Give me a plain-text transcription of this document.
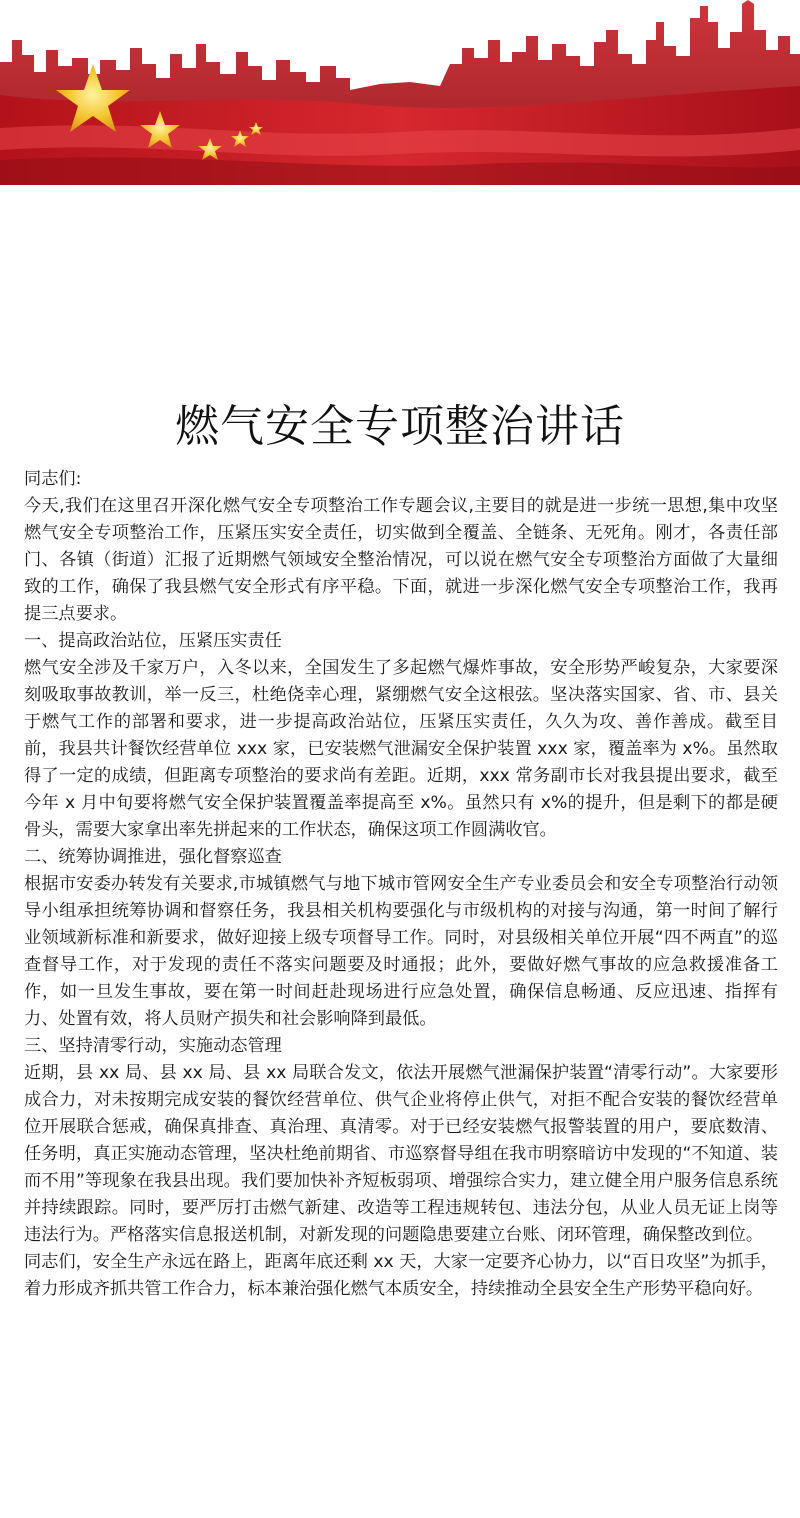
燃气安全专项整治讲话

同志们:

今天,我们在这里召开深化燃气安全专项整治工作专题会议,主要目的就是进一步统一思想,集中攻坚燃气安全专项整治工作，压紧压实安全责任，切实做到全覆盖、全链条、无死角。刚才，各责任部门、各镇（街道）汇报了近期燃气领域安全整治情况，可以说在燃气安全专项整治方面做了大量细致的工作，确保了我县燃气安全形式有序平稳。下面，就进一步深化燃气安全专项整治工作，我再提三点要求。

一、提高政治站位，压紧压实责任

燃气安全涉及千家万户，入冬以来，全国发生了多起燃气爆炸事故，安全形势严峻复杂，大家要深刻吸取事故教训，举一反三，杜绝侥幸心理，紧绷燃气安全这根弦。坚决落实国家、省、市、县关于燃气工作的部署和要求，进一步提高政治站位，压紧压实责任，久久为攻、善作善成。截至目前，我县共计餐饮经营单位 xxx 家，已安装燃气泄漏安全保护装置 xxx 家，覆盖率为 x%。虽然取得了一定的成绩，但距离专项整治的要求尚有差距。近期，xxx 常务副市长对我县提出要求，截至今年 x 月中旬要将燃气安全保护装置覆盖率提高至 x%。虽然只有 x%的提升，但是剩下的都是硬骨头，需要大家拿出率先拼起来的工作状态，确保这项工作圆满收官。

二、统筹协调推进，强化督察巡查

根据市安委办转发有关要求,市城镇燃气与地下城市管网安全生产专业委员会和安全专项整治行动领导小组承担统筹协调和督察任务，我县相关机构要强化与市级机构的对接与沟通，第一时间了解行业领域新标准和新要求，做好迎接上级专项督导工作。同时，对县级相关单位开展“四不两直”的巡查督导工作，对于发现的责任不落实问题要及时通报；此外，要做好燃气事故的应急救援准备工作，如一旦发生事故，要在第一时间赶赴现场进行应急处置，确保信息畅通、反应迅速、指挥有力、处置有效，将人员财产损失和社会影响降到最低。

三、坚持清零行动，实施动态管理

近期，县 xx 局、县 xx 局、县 xx 局联合发文，依法开展燃气泄漏保护装置“清零行动”。大家要形成合力，对未按期完成安装的餐饮经营单位、供气企业将停止供气，对拒不配合安装的餐饮经营单位开展联合惩戒，确保真排查、真治理、真清零。对于已经安装燃气报警装置的用户，要底数清、任务明，真正实施动态管理，坚决杜绝前期省、市巡察督导组在我市明察暗访中发现的“不知道、装而不用”等现象在我县出现。我们要加快补齐短板弱项、增强综合实力，建立健全用户服务信息系统并持续跟踪。同时，要严厉打击燃气新建、改造等工程违规转包、违法分包，从业人员无证上岗等违法行为。严格落实信息报送机制，对新发现的问题隐患要建立台账、闭环管理，确保整改到位。

同志们，安全生产永远在路上，距离年底还剩 xx 天，大家一定要齐心协力，以“百日攻坚”为抓手，着力形成齐抓共管工作合力，标本兼治强化燃气本质安全，持续推动全县安全生产形势平稳向好。
